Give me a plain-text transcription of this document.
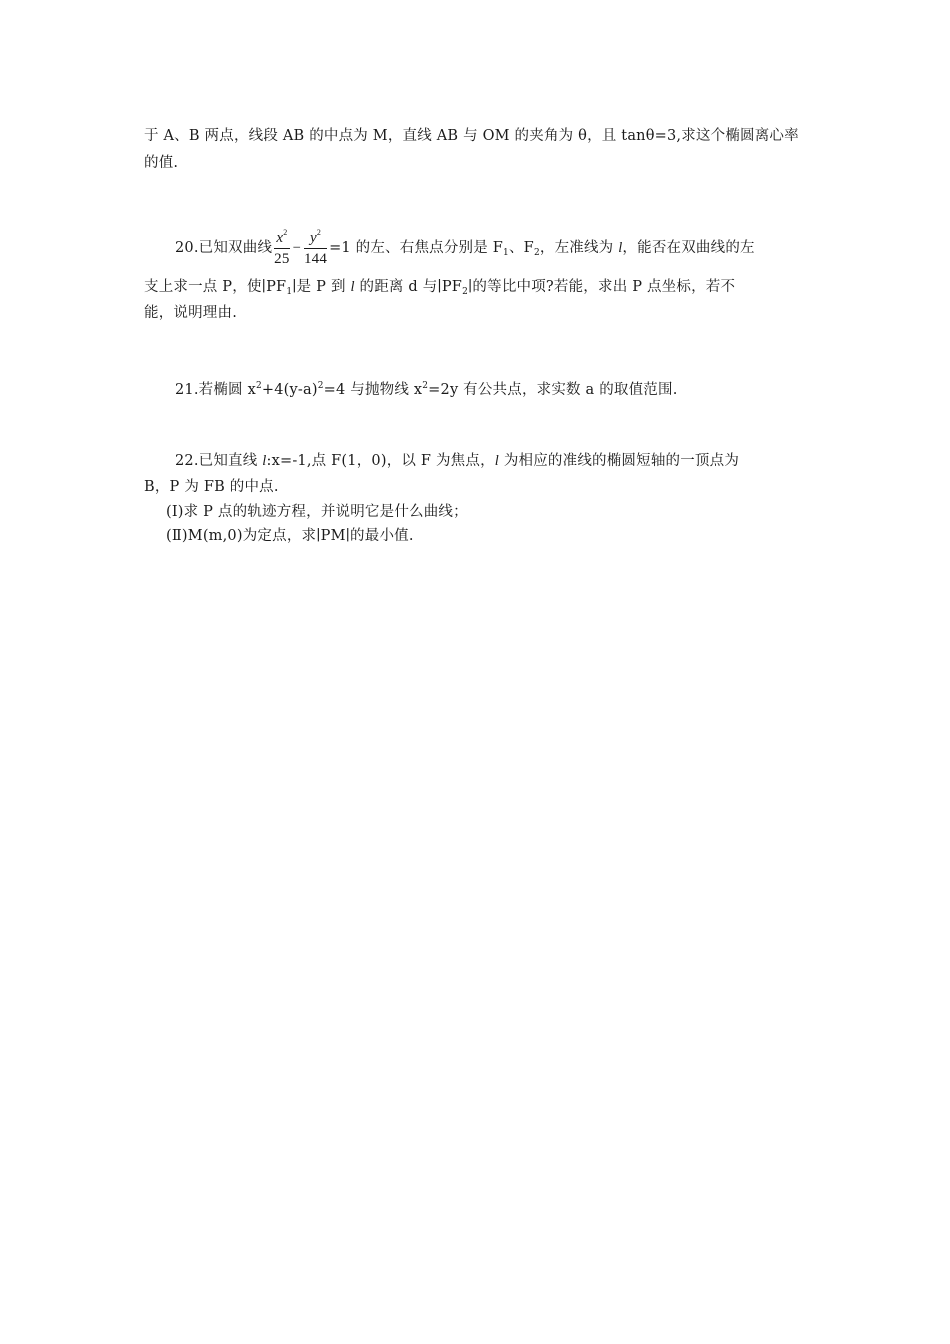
于 A、B 两点，线段 AB 的中点为 M，直线 AB 与 OM 的夹角为 θ，且 tanθ=3,求这个椭圆离心率
的值.
20.已知双曲线 $\frac{x^2}{25} - \frac{y^2}{144} =1$ 的左、右焦点分别是 $F_1$、$F_2$，左准线为 l，能否在双曲线的左
支上求一点 P，使$∣PF_1∣$是 P 到 l 的距离 d 与$∣PF_2∣$的等比中项?若能，求出 P 点坐标，若不
能，说明理由.
21.若椭圆 $x^2+4(y-a)^2=4$ 与抛物线 $x^2=2y$ 有公共点，求实数 a 的取值范围.
22.已知直线 l:x=-1,点 F(1，0)，以 F 为焦点，l 为相应的准线的椭圆短轴的一顶点为
B，P 为 FB 的中点.
(Ⅰ)求 P 点的轨迹方程，并说明它是什么曲线；
(Ⅱ)M(m,0)为定点，求∣PM∣的最小值.
